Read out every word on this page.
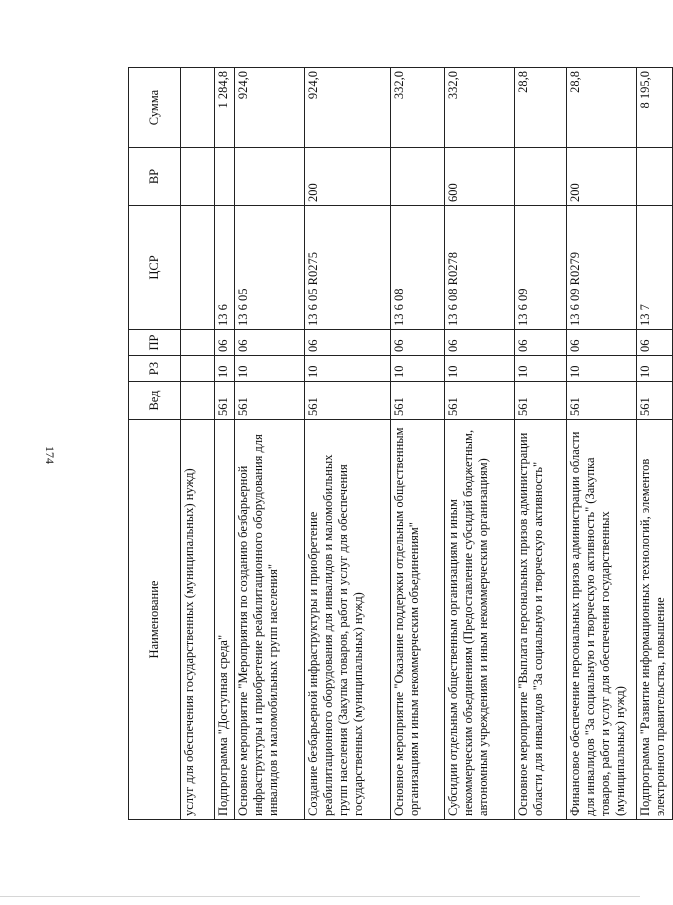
174
Наименование	Вед	РЗ	ПР	ЦСР	ВР	Сумма
услуг для обеспечения государственных (муниципальных) нужд)						
Подпрограмма "Доступная среда"	561	10	06	13 6		1 284,8
Основное мероприятие "Мероприятия по созданию безбарьерной инфраструктуры и приобретение реабилитационного оборудования для инвалидов и маломобильных групп населения"	561	10	06	13 6 05		924,0
Создание безбарьерной инфраструктуры и приобретение реабилитационного оборудования для инвалидов и маломобильных групп населения (Закупка товаров, работ и услуг для обеспечения государственных (муниципальных) нужд)	561	10	06	13 6 05 R0275	200	924,0
Основное мероприятие "Оказание поддержки отдельным общественным организациям и иным некоммерческим объединениям"	561	10	06	13 6 08		332,0
Субсидии отдельным общественным организациям и иным некоммерческим объединениям (Предоставление субсидий бюджетным, автономным учреждениям и иным некоммерческим организациям)	561	10	06	13 6 08 R0278	600	332,0
Основное мероприятие "Выплата персональных призов администрации области для инвалидов "За социальную и творческую активность"	561	10	06	13 6 09		28,8
Финансовое обеспечение персональных призов администрации области для инвалидов "За социальную и творческую активность" (Закупка товаров, работ и услуг для обеспечения государственных (муниципальных) нужд)	561	10	06	13 6 09 R0279	200	28,8
Подпрограмма "Развитие информационных технологий, элементов электронного правительства, повышение	561	10	06	13 7		8 195,0
